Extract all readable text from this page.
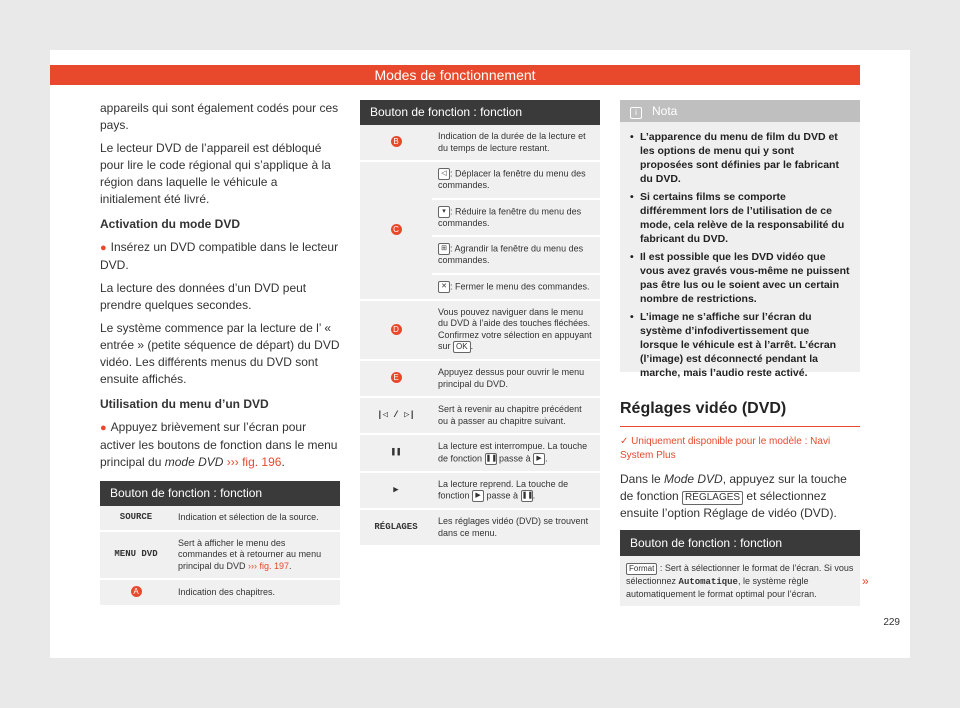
Modes de fonctionnement

appareils qui sont également codés pour ces pays.

Le lecteur DVD de l’appareil est débloqué pour lire le code régional qui s’applique à la région dans laquelle le véhicule a initialement été livré.

Activation du mode DVD

● Insérez un DVD compatible dans le lecteur DVD.

La lecture des données d’un DVD peut prendre quelques secondes.

Le système commence par la lecture de l’ « entrée » (petite séquence de départ) du DVD vidéo. Les différents menus du DVD sont ensuite affichés.

Utilisation du menu d’un DVD

● Appuyez brièvement sur l’écran pour activer les boutons de fonction dans le menu principal du mode DVD ››› fig. 196.

Bouton de fonction : fonction	
SOURCE	Indication et sélection de la source.
MENU DVD	Sert à afficher le menu des commandes et à retourner au menu principal du DVD ››› fig. 197.
A	Indication des chapitres.
Bouton de fonction : fonction	
B	Indication de la durée de la lecture et du temps de lecture restant.
C	◁ : Déplacer la fenêtre du menu des commandes.
	▾ : Réduire la fenêtre du menu des commandes.
	⊞ : Agrandir la fenêtre du menu des commandes.
	✕ : Fermer le menu des commandes.
D	Vous pouvez naviguer dans le menu du DVD à l’aide des touches fléchées. Confirmez votre sélection en appuyant sur OK .
E	Appuyez dessus pour ouvrir le menu principal du DVD.
|◁ / ▷|	Sert à revenir au chapitre précédent ou à passer au chapitre suivant.
❚❚	La lecture est interrompue. La touche de fonction ❚❚ passe à ▶ .
▶	La lecture reprend. La touche de fonction ▶ passe à ❚❚.
RÉGLAGES	Les réglages vidéo (DVD) se trouvent dans ce menu.
i Nota
• L’apparence du menu de film du DVD et les options de menu qui y sont proposées sont définies par le fabricant du DVD.
• Si certains films se comporte différemment lors de l’utilisation de ce mode, cela relève de la responsabilité du fabricant du DVD.
• Il est possible que les DVD vidéo que vous avez gravés vous-même ne puissent pas être lus ou le soient avec un certain nombre de restrictions.
• L’image ne s’affiche sur l’écran du système d’infodivertissement que lorsque le véhicule est à l’arrêt. L’écran (l’image) est déconnecté pendant la marche, mais l’audio reste activé.
Réglages vidéo (DVD)
✓ Uniquement disponible pour le modèle : Navi System Plus

Dans le Mode DVD, appuyez sur la touche de fonction RÉGLAGES et sélectionnez ensuite l’option Réglage de vidéo (DVD).

Bouton de fonction : fonction
Format : Sert à sélectionner le format de l’écran. Si vous sélectionnez Automatique, le système règle automatiquement le format optimal pour l’écran.
»
229
